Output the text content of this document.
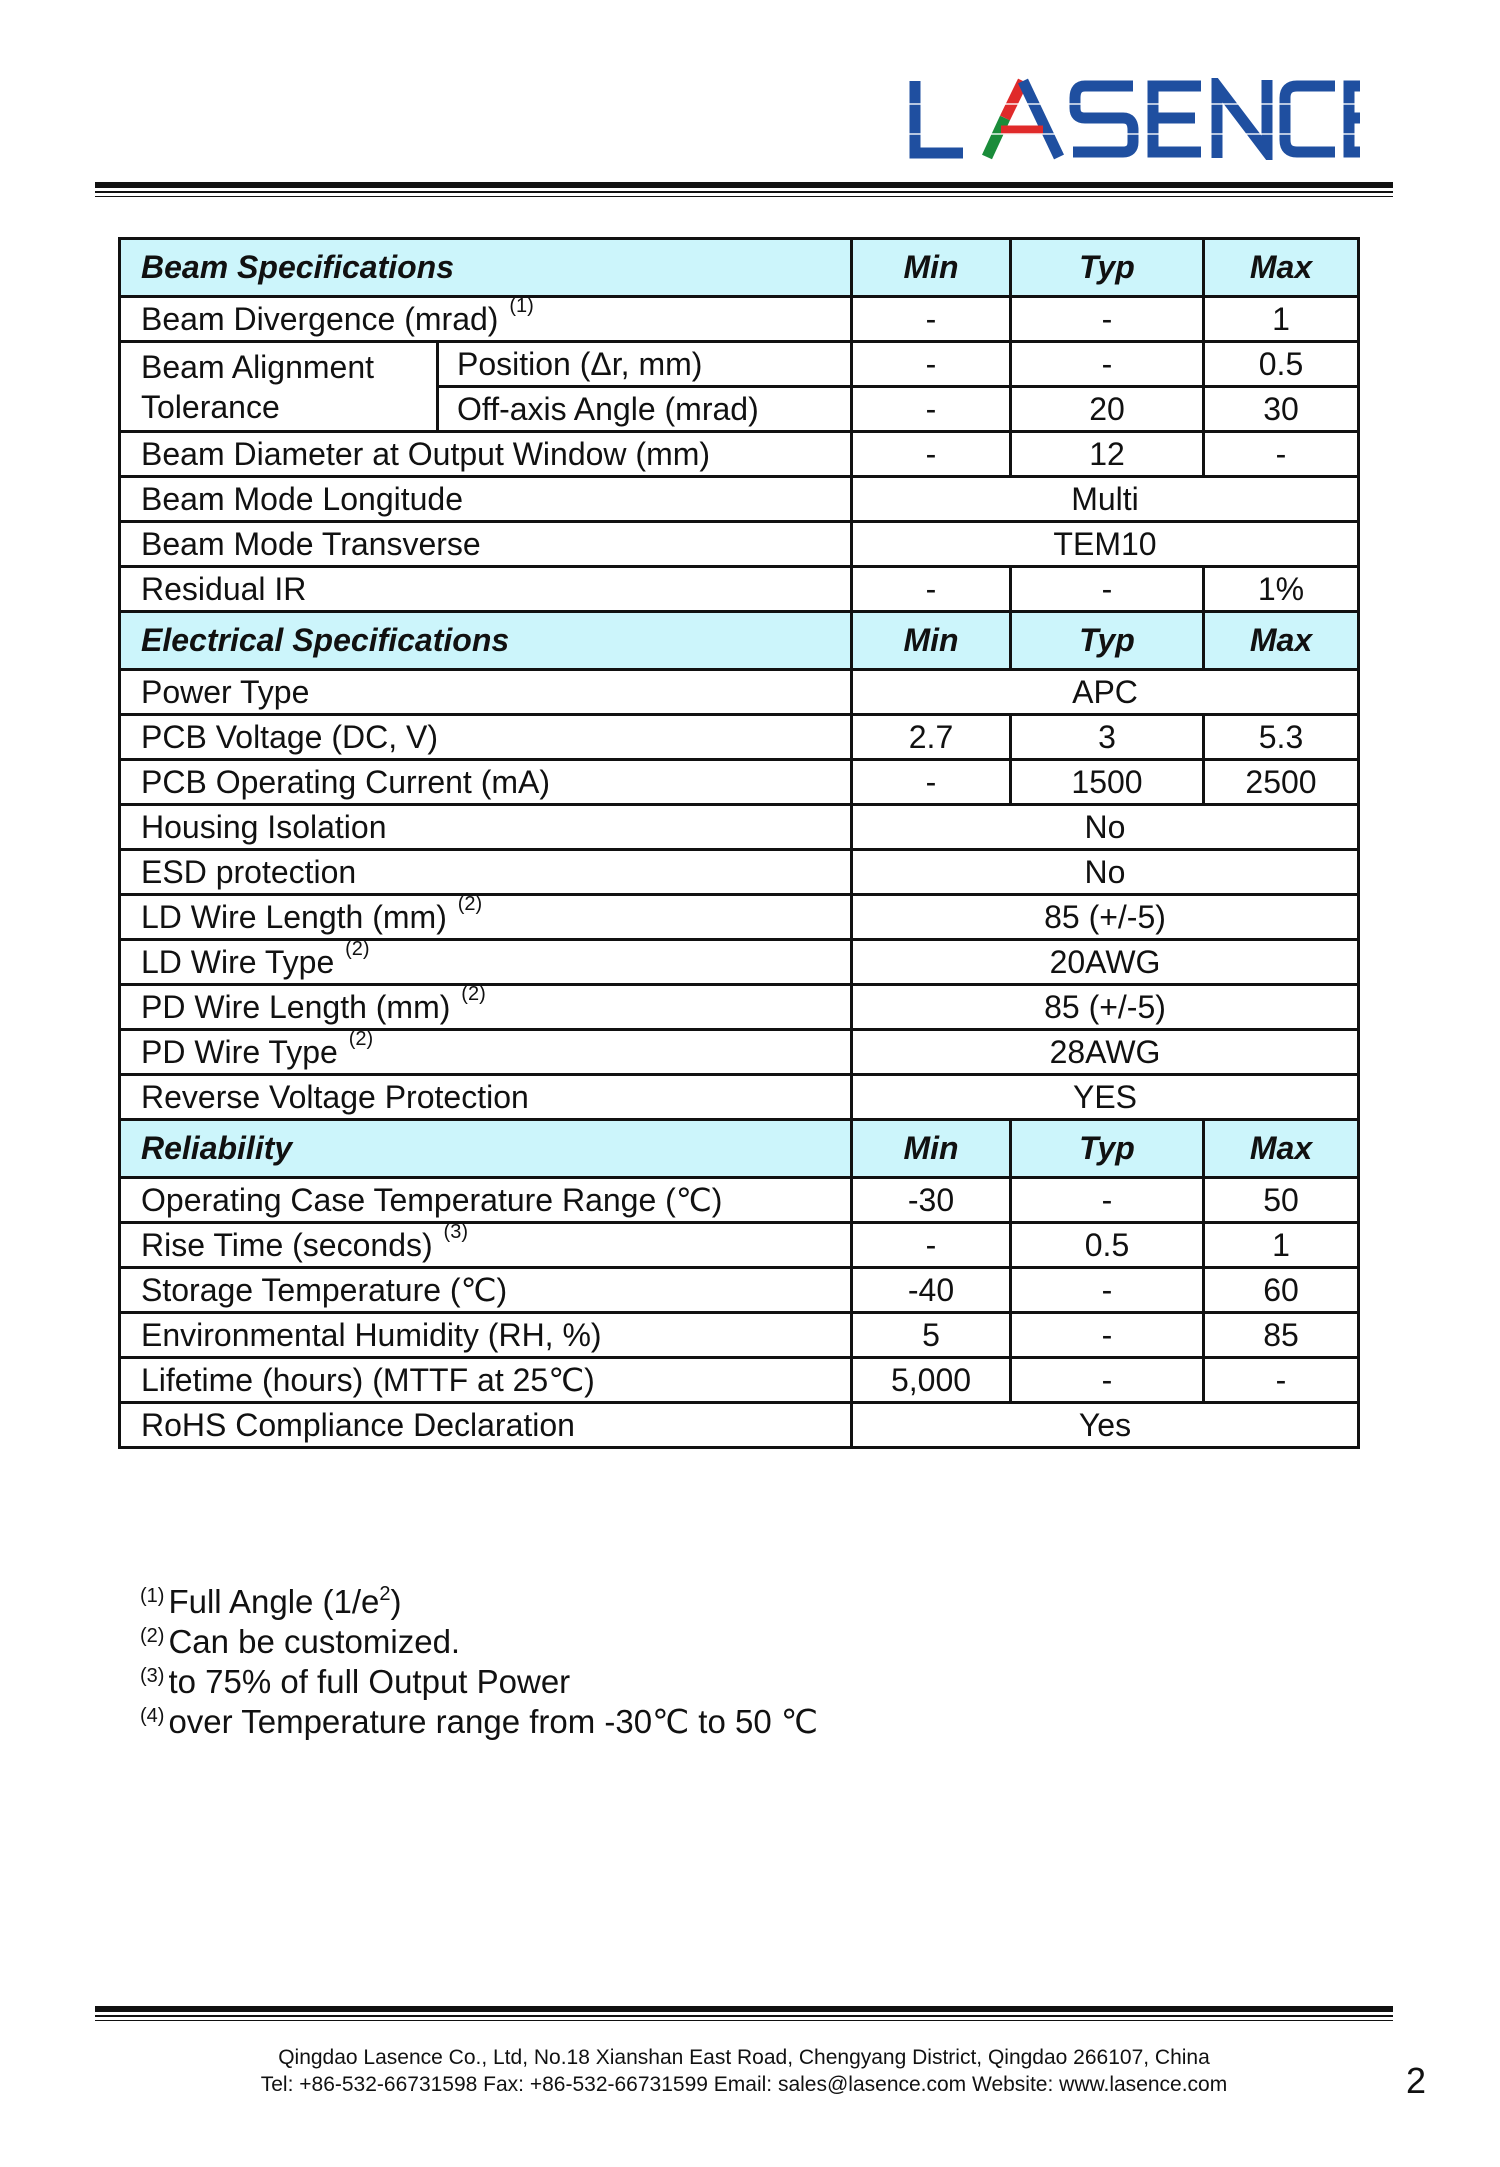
Beam Specifications		Min	Typ	Max
Beam Divergence (mrad) $^{(1)}$		-	-	1
Beam Alignment Tolerance	Position (Δr, mm)	-	-	0.5
	Off-axis Angle (mrad)	-	20	30
Beam Diameter at Output Window (mm)		-	12	-
Beam Mode Longitude		Multi		
Beam Mode Transverse		TEM10		
Residual IR		-	-	1%
Electrical Specifications		Min	Typ	Max
Power Type		APC		
PCB Voltage (DC, V)		2.7	3	5.3
PCB Operating Current (mA)		-	1500	2500
Housing Isolation		No		
ESD protection		No		
LD Wire Length (mm) $^{(2)}$		85 (+/-5)		
LD Wire Type $^{(2)}$		20AWG		
PD Wire Length (mm) $^{(2)}$		85 (+/-5)		
PD Wire Type $^{(2)}$		28AWG		
Reverse Voltage Protection		YES		
Reliability		Min	Typ	Max
Operating Case Temperature Range (℃)		-30	-	50
Rise Time (seconds) $^{(3)}$		-	0.5	1
Storage Temperature (℃)		-40	-	60
Environmental Humidity (RH, %)		5	-	85
Lifetime (hours) (MTTF at 25℃)		5,000	-	-
RoHS Compliance Declaration		Yes		
$^{(1)}$ Full Angle $(1/e^2)$
$^{(2)}$ Can be customized.
$^{(3)}$ to 75% of full Output Power
$^{(4)}$ over Temperature range from -30℃ to 50 ℃
Qingdao Lasence Co., Ltd, No.18 Xianshan East Road, Chengyang District, Qingdao 266107, China
Tel: +86-532-66731598 Fax: +86-532-66731599 Email: sales@lasence.com Website: www.lasence.com	2
